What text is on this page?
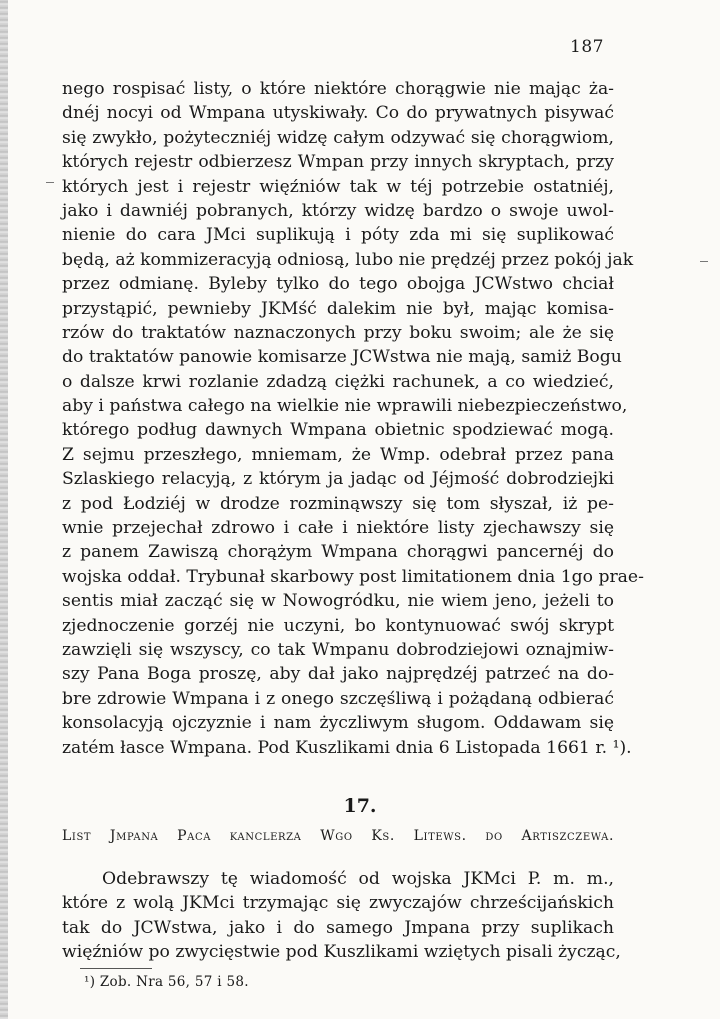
187
nego rospisać listy, o które niektóre chorągwie nie mając ża-
dnéj nocyi od Wmpana utyskiwały. Co do prywatnych pisywać
się zwykło, pożyteczniéj widzę całym odzywać się chorągwiom,
których rejestr odbierzesz Wmpan przy innych skryptach, przy
których jest i rejestr więźniów tak w téj potrzebie ostatniéj,
jako i dawniéj pobranych, którzy widzę bardzo o swoje uwol-
nienie do cara JMci suplikują i póty zda mi się suplikować
będą, aż kommizeracyją odniosą, lubo nie prędzéj przez pokój jak
przez odmianę. Byleby tylko do tego obojga JCWstwo chciał
przystąpić, pewnieby JKMść dalekim nie był, mając komisa-
rzów do traktatów naznaczonych przy boku swoim; ale że się
do traktatów panowie komisarze JCWstwa nie mają, samiż Bogu
o dalsze krwi rozlanie zdadzą ciężki rachunek, a co wiedzieć,
aby i państwa całego na wielkie nie wprawili niebezpieczeństwo,
którego podług dawnych Wmpana obietnic spodziewać mogą.
Z sejmu przeszłego, mniemam, że Wmp. odebrał przez pana
Szlaskiego relacyją, z którym ja jadąc od Jéjmość dobrodziejki
z pod Łodziéj w drodze rozminąwszy się tom słyszał, iż pe-
wnie przejechał zdrowo i całe i niektóre listy zjechawszy się
z panem Zawiszą chorążym Wmpana chorągwi pancernéj do
wojska oddał. Trybunał skarbowy post limitationem dnia 1go prae-
sentis miał zacząć się w Nowogródku, nie wiem jeno, jeżeli to
zjednoczenie gorzéj nie uczyni, bo kontynuować swój skrypt
zawzięli się wszyscy, co tak Wmpanu dobrodziejowi oznajmiw-
szy Pana Boga proszę, aby dał jako najprędzéj patrzeć na do-
bre zdrowie Wmpana i z onego szczęśliwą i pożądaną odbierać
konsolacyją ojczyznie i nam życzliwym sługom. Oddawam się
zatém łasce Wmpana. Pod Kuszlikami dnia 6 Listopada 1661 r. ¹).
17.
List Jmpana Paca kanclerza Wgo Ks. Litews. do Artiszczewa.
Odebrawszy tę wiadomość od wojska JKMci P. m. m.,
które z wolą JKMci trzymając się zwyczajów chrześcijańskich
tak do JCWstwa, jako i do samego Jmpana przy suplikach
więźniów po zwycięstwie pod Kuszlikami wziętych pisali życząc,
¹) Zob. Nra 56, 57 i 58.
